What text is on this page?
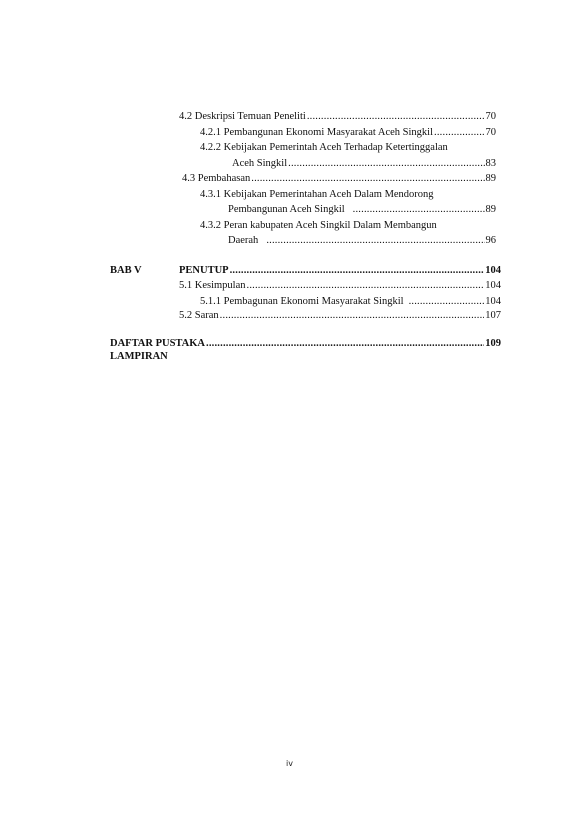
4.2 Deskripsi Temuan Peneliti .....	70
4.2.1 Pembangunan Ekonomi Masyarakat Aceh Singkil .....	70
4.2.2 Kebijakan Pemerintah Aceh Terhadap Ketertinggalan
Aceh Singkil .....	83
4.3 Pembahasan .....	89
4.3.1 Kebijakan Pemerintahan Aceh Dalam Mendorong
Pembangunan Aceh Singkil .....	89
4.3.2 Peran kabupaten Aceh Singkil Dalam Membangun
Daerah .....	96
BAB V	PENUTUP .....	104
5.1 Kesimpulan .....	104
5.1.1 Pembagunan Ekonomi Masyarakat Singkil .....	104
5.2 Saran .....	107
DAFTAR PUSTAKA .....	109
LAMPIRAN
iv
